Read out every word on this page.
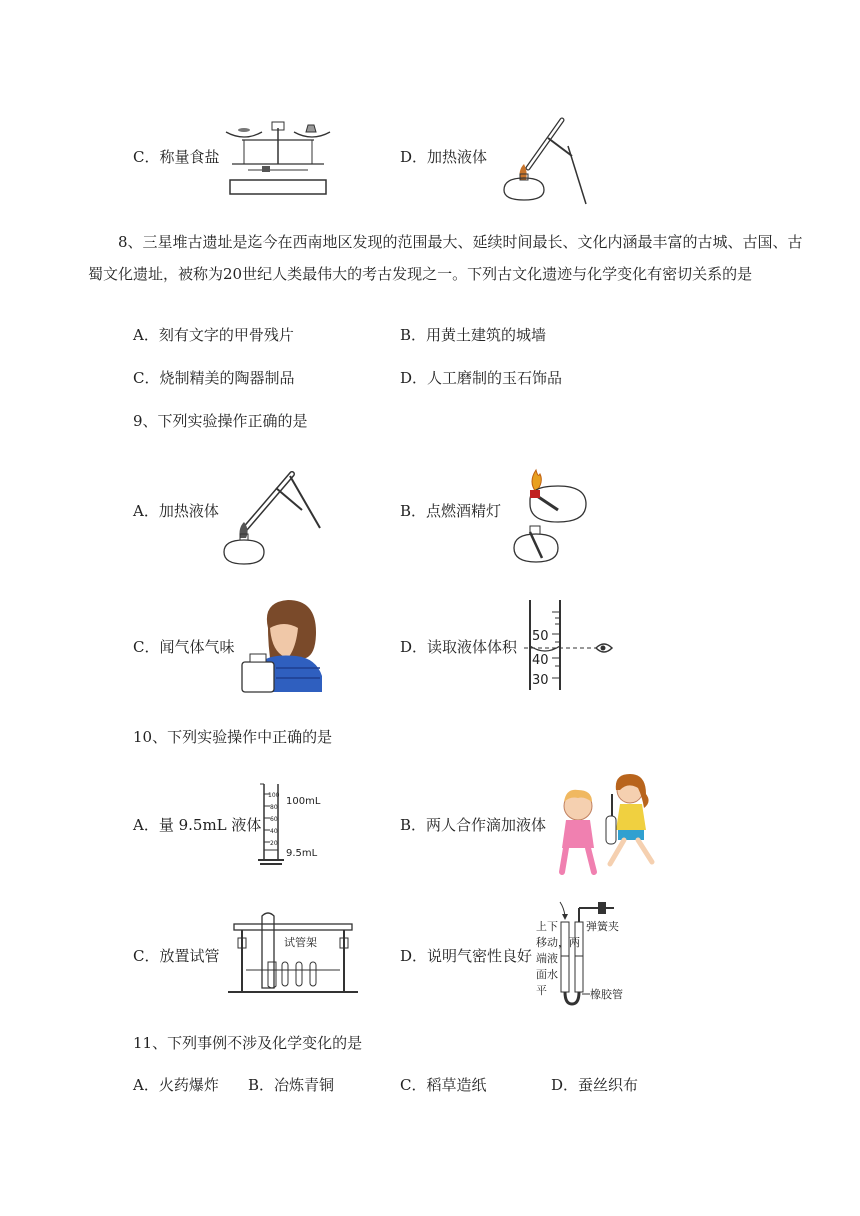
C．称量食盐	D．加热液体
8、三星堆古遗址是迄今在西南地区发现的范围最大、延续时间最长、文化内涵最丰富的古城、古国、古蜀文化遗址，被称为20世纪人类最伟大的考古发现之一。下列古文化遗迹与化学变化有密切关系的是
A．刻有文字的甲骨残片	B．用黄土建筑的城墙
C．烧制精美的陶器制品	D．人工磨制的玉石饰品
9、下列实验操作正确的是
A．加热液体	B．点燃酒精灯
C．闻气体气味	D．读取液体体积
50
40
30
10、下列实验操作中正确的是
A．量 9.5mL 液体
100
80
60
40
20
100mL
9.5mL
B．两人合作滴加液体
C．放置试管
试管架
D．说明气密性良好
上下
移动，两
端液
面水
平
弹簧夹
橡胶管
11、下列事例不涉及化学变化的是
A．火药爆炸 B．冶炼青铜	C．稻草造纸	D．蚕丝织布
